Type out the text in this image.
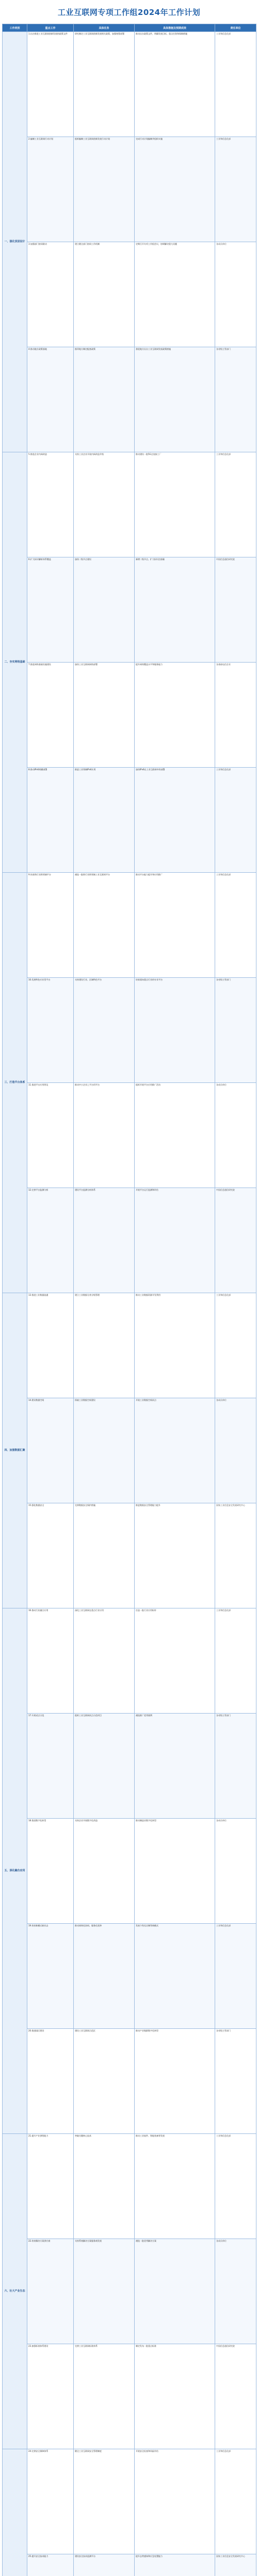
工业互联网专项工作组2024年工作计划
工作类别	重点工作	具体任务	具体措施及预期成效	责任单位
一、强化顶层设计	1.出台推进工业互联网创新发展的政策文件	研究制定工业互联网创新发展相关政策，加强统筹部署	推动出台政策文件，明确发展目标、重点任务和保障措施	工业和信息化部
	2.编制工业互联网行动计划	组织编制工业互联网创新发展行动计划	完成行动计划编制并组织实施	工业和信息化部
	3.加强部门协同联动	建立健全部门协同工作机制	定期召开专项工作组会议，协调解决重大问题	各成员单位
	4.推动地方政策落地	指导地方制定配套政策	督促地方出台工业互联网发展政策措施	各省级主管部门
二、夯实网络基础	5.推进企业内网改造	支持工业企业开展内网改造升级	推动建设一批5G全连接工厂	工业和信息化部
	6.扩大标识解析体系覆盖	加快二级节点建设	新增二级节点，扩大标识注册量	中国信息通信研究院
	7.推进网络基础设施建设	加快工业互联网网络部署	提升网络覆盖水平和服务能力	各基础电信企业
	8.推动IPv6规模部署	推进工业领域IPv6应用	加快IPv6在工业互联网中的部署	工业和信息化部
三、打造平台体系	9.培育跨行业跨领域平台	遴选一批跨行业跨领域工业互联网平台	推动平台能力提升和应用推广	工业和信息化部
	10.发展特色专业型平台	支持建设行业、区域特色平台	培育面向重点行业的专业平台	各省级主管部门
	11.推进平台应用普及	推动中小企业上平台用平台	组织开展平台应用推广活动	各成员单位
	12.完善平台监测分析	建设平台监测分析体系	开展平台运行监测和评估	中国信息通信研究院
四、加强数据汇聚	13.推进工业数据流通	建立工业数据分类分级管理	推动工业数据资源开发利用	工业和信息化部
	14.建设数据空间	探索工业数据空间建设	开展工业数据空间试点	各成员单位
	15.强化数据安全	完善数据安全保护措施	推进数据安全管理能力提升	国家工业信息安全发展研究中心
五、深化融合应用	16.推动行业融合应用	深化工业互联网在重点行业应用	打造一批行业应用标杆	工业和信息化部
	17.开展试点示范	组织工业互联网试点示范项目	遴选推广优秀案例	各省级主管部门
	18.推进数字化转型	支持企业开展数字化改造	推动制造业数字化转型	各成员单位
	19.培育新模式新业态	推动网络化协同、服务化延伸	发展个性化定制等新模式	工业和信息化部
	20.推进园区建设	建设工业互联网示范区	推动产业集群数字化转型	各省级主管部门
六、壮大产业生态	21.提升产业供给能力	突破关键核心技术	推动工业软件、智能装备等发展	工业和信息化部
	22.培育解决方案供应商	支持系统解决方案服务商发展	遴选一批优秀解决方案	各成员单位
	23.加强标准体系建设	完善工业互联网标准体系	制定发布一批重点标准	中国信息通信研究院
	24.完善安全保障体系	健全工业互联网安全管理制度	开展安全检查和风险评估	工业和信息化部
	25.提升安全技术能力	建设安全技术监测平台	提升态势感知和应急处置能力	国家工业信息安全发展研究中心
